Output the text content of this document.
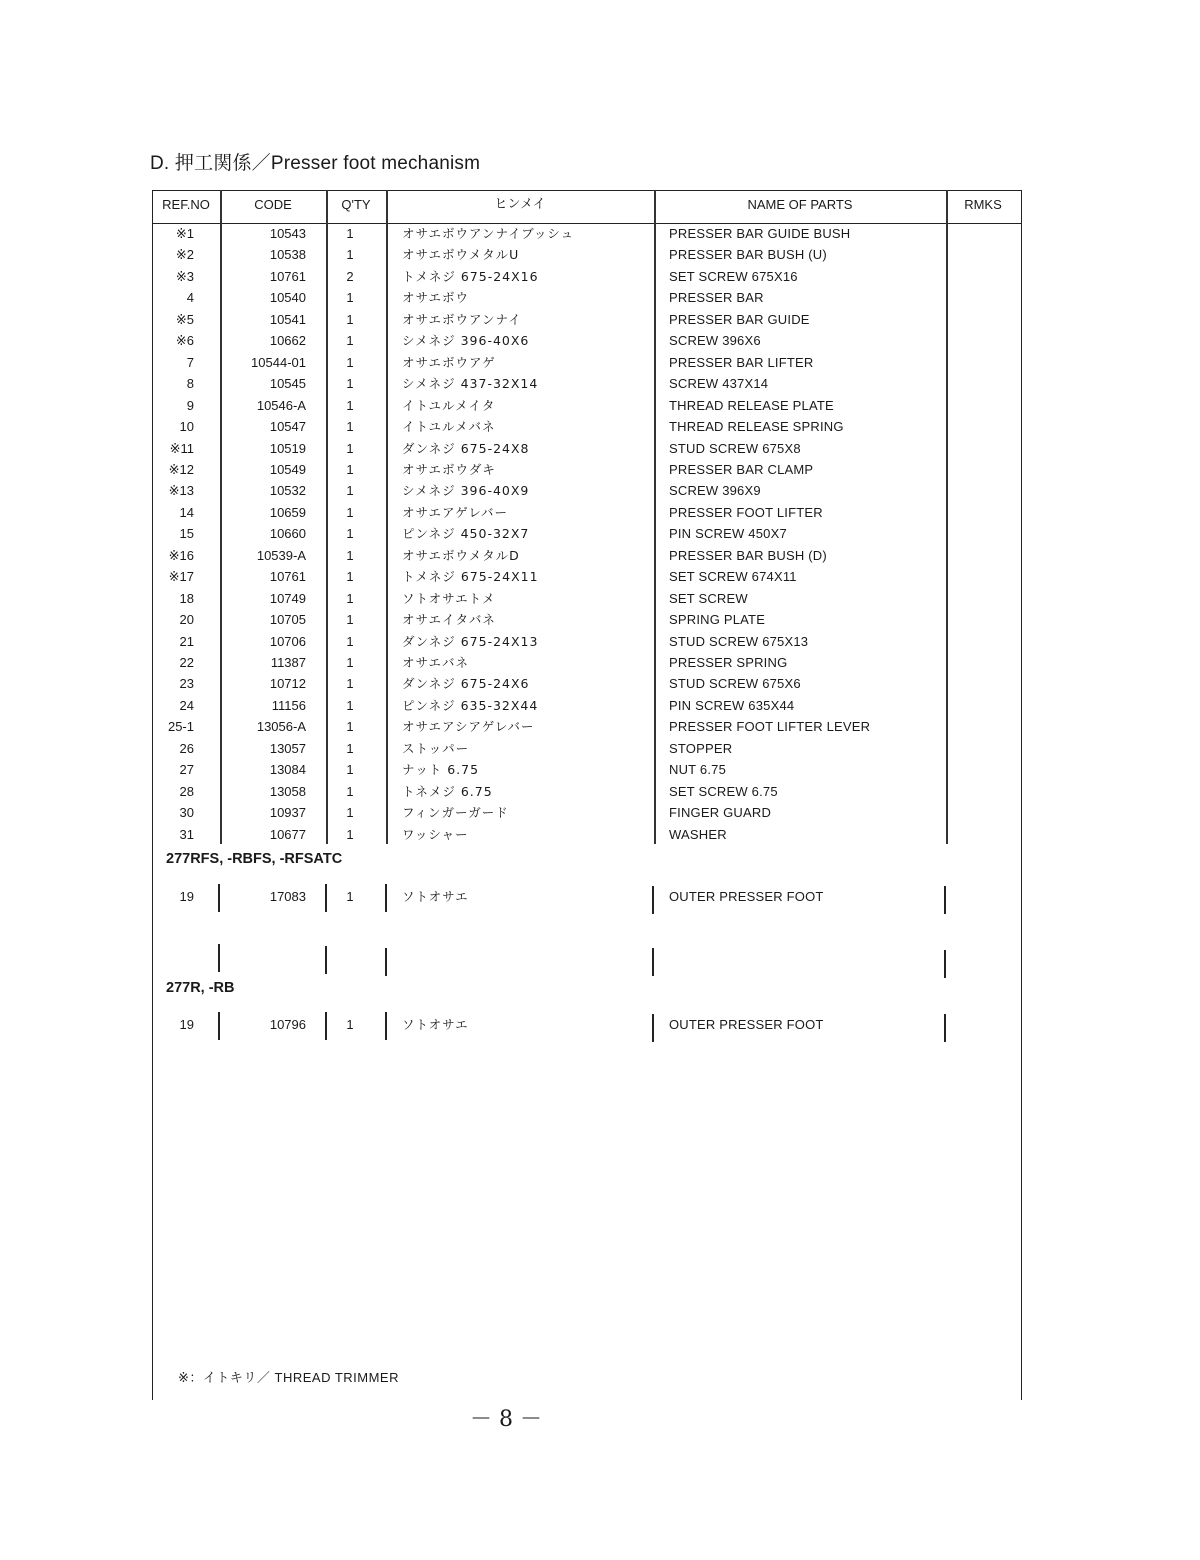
D. 押工関係／Presser foot mechanism
REF.NO	CODE	Q'TY	ヒンメイ	NAME OF PARTS	RMKS
※1	10543	1	オサエボウアンナイブッシュ	PRESSER BAR GUIDE BUSH
※2	10538	1	オサエボウメタルU	PRESSER BAR BUSH (U)
※3	10761	2	トメネジ 675-24X16	SET SCREW 675X16
4	10540	1	オサエボウ	PRESSER BAR
※5	10541	1	オサエボウアンナイ	PRESSER BAR GUIDE
※6	10662	1	シメネジ 396-40X6	SCREW 396X6
7	10544-01	1	オサエボウアゲ	PRESSER BAR LIFTER
8	10545	1	シメネジ 437-32X14	SCREW 437X14
9	10546-A	1	イトユルメイタ	THREAD RELEASE PLATE
10	10547	1	イトユルメバネ	THREAD RELEASE SPRING
※11	10519	1	ダンネジ 675-24X8	STUD SCREW 675X8
※12	10549	1	オサエボウダキ	PRESSER BAR CLAMP
※13	10532	1	シメネジ 396-40X9	SCREW 396X9
14	10659	1	オサエアゲレバー	PRESSER FOOT LIFTER
15	10660	1	ピンネジ 450-32X7	PIN SCREW 450X7
※16	10539-A	1	オサエボウメタルD	PRESSER BAR BUSH (D)
※17	10761	1	トメネジ 675-24X11	SET SCREW 674X11
18	10749	1	ソトオサエトメ	SET SCREW
20	10705	1	オサエイタバネ	SPRING PLATE
21	10706	1	ダンネジ 675-24X13	STUD SCREW 675X13
22	11387	1	オサエバネ	PRESSER SPRING
23	10712	1	ダンネジ 675-24X6	STUD SCREW 675X6
24	11156	1	ピンネジ 635-32X44	PIN SCREW 635X44
25-1	13056-A	1	オサエアシアゲレバー	PRESSER FOOT LIFTER LEVER
26	13057	1	ストッパー	STOPPER
27	13084	1	ナット 6.75	NUT 6.75
28	13058	1	トネメジ 6.75	SET SCREW 6.75
30	10937	1	フィンガーガード	FINGER GUARD
31	10677	1	ワッシャー	WASHER
277RFS, -RBFS, -RFSATC
19	17083	1	ソトオサエ	OUTER PRESSER FOOT
277R, -RB
19	10796	1	ソトオサエ	OUTER PRESSER FOOT
※：イトキリ／ THREAD TRIMMER
－ 8 －
